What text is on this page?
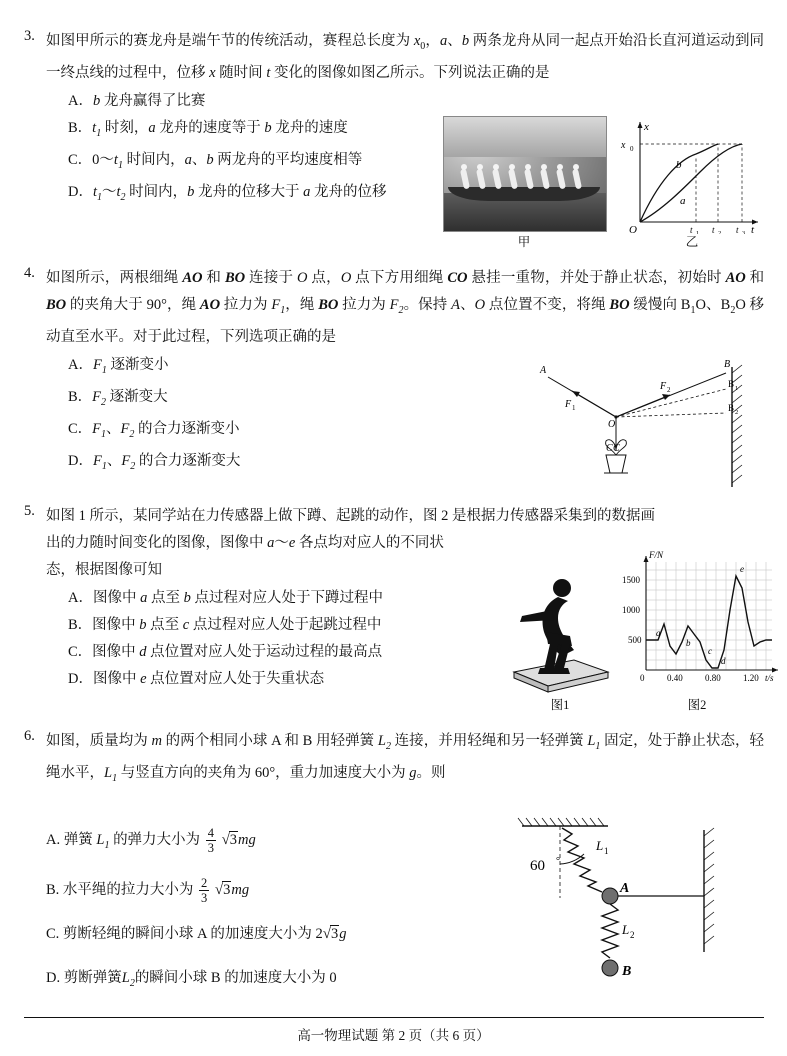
3. 如图甲所示的赛龙舟是端午节的传统活动，赛程总长度为 $x_0$，a、b 两条龙舟从同一起点开始沿长直河道运动到同一终点线的过程中，位移 x 随时间 t 变化的图像如图乙所示。下列说法正确的是
A．b 龙舟赢得了比赛
B．$t_1$ 时刻，a 龙舟的速度等于 b 龙舟的速度
C．$0\sim t_1$ 时间内，a、b 两龙舟的平均速度相等
D．$t_1\sim t_2$ 时间内，b 龙舟的位移大于 a 龙舟的位移
甲
x
x 0
O	t
b
a
t 1 t 2 t 3
乙
4. 如图所示，两根细绳 AO 和 BO 连接于 O 点，O 点下方用细绳 CO 悬挂一重物，并处于静止状态，初始时 AO 和 BO 的夹角大于 90°，绳 AO 拉力为 $F_1$，绳 BO 拉力为 $F_2$。保持 A、O 点位置不变，将绳 BO 缓慢向 $B_1O$、$B_2O$ 移动直至水平。对于此过程，下列选项正确的是
A．$F_1$ 逐渐变小
B．$F_2$ 逐渐变大
C．$F_1$、$F_2$ 的合力逐渐变小
D．$F_1$、$F_2$ 的合力逐渐变大
O
A
B
B 1
B 2
F 1
F 2
C C
5. 如图 1 所示，某同学站在力传感器上做下蹲、起跳的动作，图 2 是根据力传感器采集到的数据画
出的力随时间变化的图像，图像中 a～e 各点均对应人的不同状
态，根据图像可知
A．图像中 a 点至 b 点过程对应人处于下蹲过程中
B．图像中 b 点至 c 点过程对应人处于起跳过程中
C．图像中 d 点位置对应人处于运动过程的最高点
D．图像中 e 点位置对应人处于失重状态
图1
F/N
1500
1000
500
0	0.40 0.80 1.20 t/s
a
b
c
d
e
图2
6. 如图，质量均为 m 的两个相同小球 A 和 B 用轻弹簧 $L_2$ 连接，并用轻绳和另一轻弹簧 $L_1$ 固定，处于静止状态，轻绳水平，$L_1$ 与竖直方向的夹角为 60°，重力加速度大小为 g。则
A. 弹簧 $L_1$ 的弹力大小为 $\frac{4}{3} √3mg$
B. 水平绳的拉力大小为 $\frac{2}{3} √3mg$
C. 剪断轻绳的瞬间小球 A 的加速度大小为 2√3g
D. 剪断弹簧$L_2$的瞬间小球 B 的加速度大小为 0
L 1
60 °
A
L 2
B
高一物理试题 第 2 页（共 6 页）
